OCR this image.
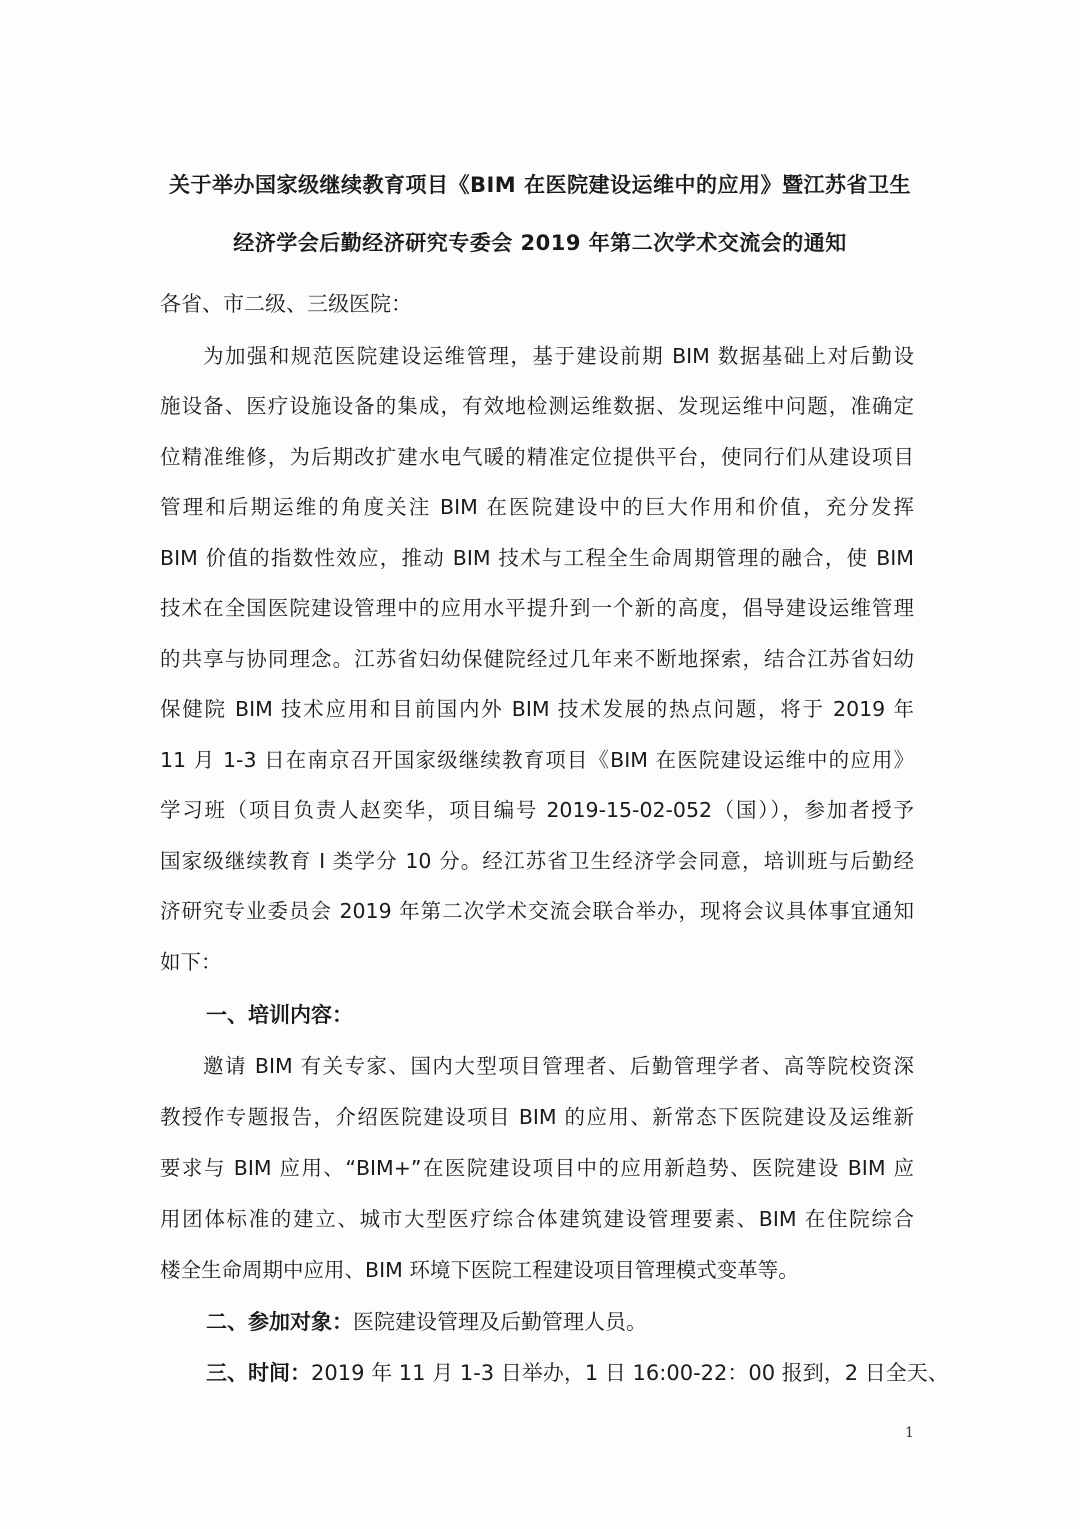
关于举办国家级继续教育项目《BIM 在医院建设运维中的应用》暨江苏省卫生
经济学会后勤经济研究专委会 2019 年第二次学术交流会的通知
各省、市二级、三级医院：
为加强和规范医院建设运维管理，基于建设前期 BIM 数据基础上对后勤设
施设备、医疗设施设备的集成，有效地检测运维数据、发现运维中问题，准确定
位精准维修，为后期改扩建水电气暖的精准定位提供平台，使同行们从建设项目
管理和后期运维的角度关注 BIM 在医院建设中的巨大作用和价值，充分发挥
BIM 价值的指数性效应，推动 BIM 技术与工程全生命周期管理的融合，使 BIM
技术在全国医院建设管理中的应用水平提升到一个新的高度，倡导建设运维管理
的共享与协同理念。江苏省妇幼保健院经过几年来不断地探索，结合江苏省妇幼
保健院 BIM 技术应用和目前国内外 BIM 技术发展的热点问题，将于 2019 年
11 月 1-3 日在南京召开国家级继续教育项目《BIM 在医院建设运维中的应用》
学习班（项目负责人赵奕华，项目编号 2019-15-02-052（国）），参加者授予
国家级继续教育 I 类学分 10 分。经江苏省卫生经济学会同意，培训班与后勤经
济研究专业委员会 2019 年第二次学术交流会联合举办，现将会议具体事宜通知
如下：
一、培训内容：
邀请 BIM 有关专家、国内大型项目管理者、后勤管理学者、高等院校资深
教授作专题报告，介绍医院建设项目 BIM 的应用、新常态下医院建设及运维新
要求与 BIM 应用、“BIM+”在医院建设项目中的应用新趋势、医院建设 BIM 应
用团体标准的建立、城市大型医疗综合体建筑建设管理要素、BIM 在住院综合
楼全生命周期中应用、BIM 环境下医院工程建设项目管理模式变革等。
二、参加对象：医院建设管理及后勤管理人员。
三、时间：2019 年 11 月 1-3 日举办，1 日 16:00-22：00 报到，2 日全天、
1
